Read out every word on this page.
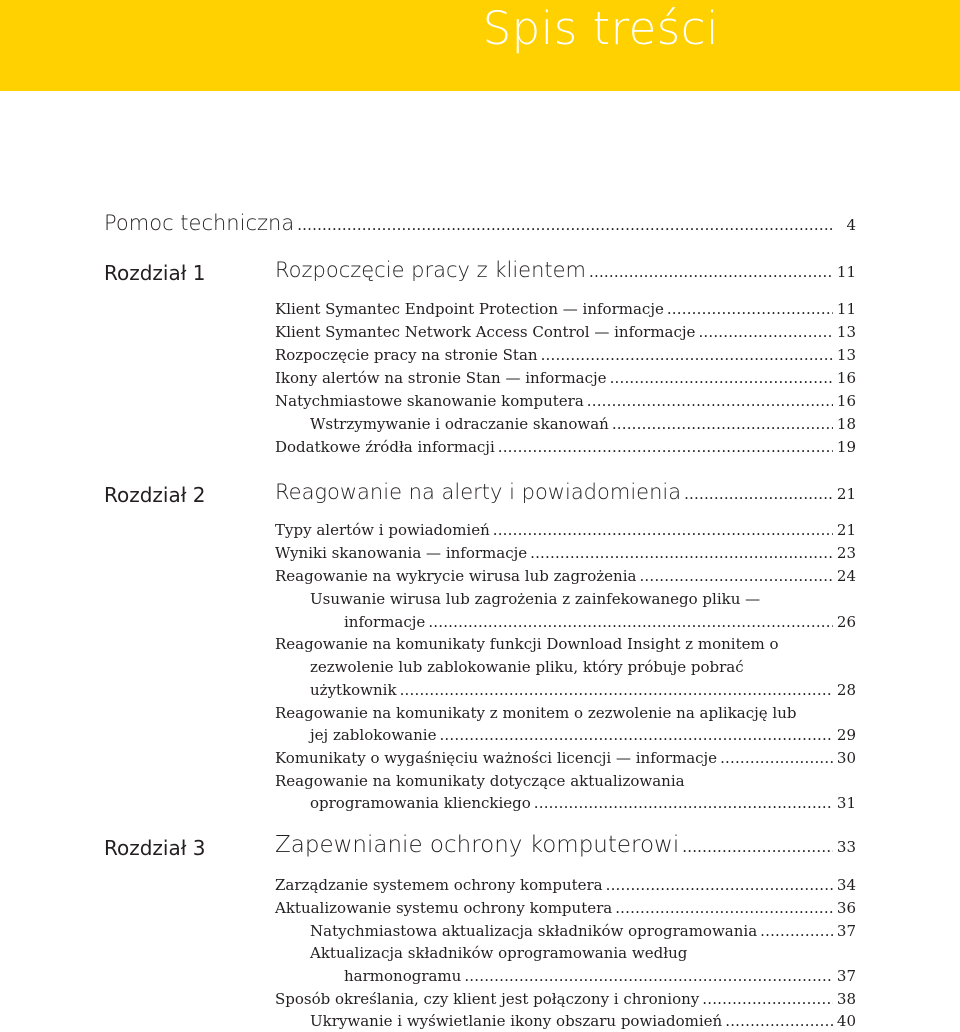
Spis treści
Pomoc techniczna .....	4
Rozdział 1	Rozpoczęcie pracy z klientem .....	11
Klient Symantec Endpoint Protection — informacje .....	11
Klient Symantec Network Access Control — informacje .....	13
Rozpoczęcie pracy na stronie Stan .....	13
Ikony alertów na stronie Stan — informacje .....	16
Natychmiastowe skanowanie komputera .....	16
Wstrzymywanie i odraczanie skanowań .....	18
Dodatkowe źródła informacji .....	19
Rozdział 2	Reagowanie na alerty i powiadomienia .....	21
Typy alertów i powiadomień .....	21
Wyniki skanowania — informacje .....	23
Reagowanie na wykrycie wirusa lub zagrożenia .....	24
Usuwanie wirusa lub zagrożenia z zainfekowanego pliku —
informacje .....	26
Reagowanie na komunikaty funkcji Download Insight z monitem o
zezwolenie lub zablokowanie pliku, który próbuje pobrać
użytkownik .....	28
Reagowanie na komunikaty z monitem o zezwolenie na aplikację lub
jej zablokowanie .....	29
Komunikaty o wygaśnięciu ważności licencji — informacje .....	30
Reagowanie na komunikaty dotyczące aktualizowania
oprogramowania klienckiego .....	31
Rozdział 3	Zapewnianie ochrony komputerowi .....	33
Zarządzanie systemem ochrony komputera .....	34
Aktualizowanie systemu ochrony komputera .....	36
Natychmiastowa aktualizacja składników oprogramowania .....	37
Aktualizacja składników oprogramowania według
harmonogramu .....	37
Sposób określania, czy klient jest połączony i chroniony .....	38
Ukrywanie i wyświetlanie ikony obszaru powiadomień .....	40
